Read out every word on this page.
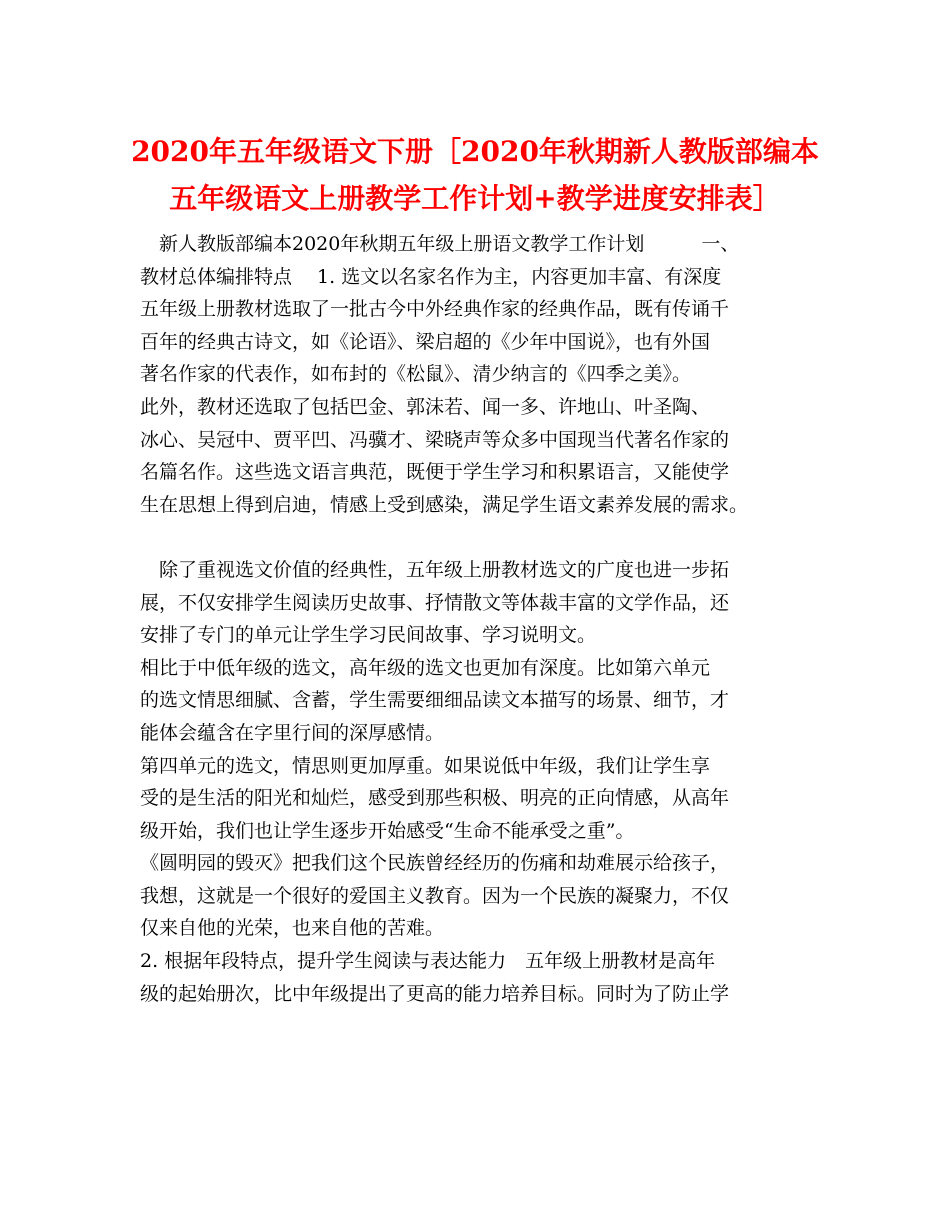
2020年五年级语文下册［2020年秋期新人教版部编本
五年级语文上册教学工作计划+教学进度安排表］

　新人教版部编本2020年秋期五年级上册语文教学工作计划　　　一、

教材总体编排特点　 1. 选文以名家名作为主，内容更加丰富、有深度

五年级上册教材选取了一批古今中外经典作家的经典作品，既有传诵千

百年的经典古诗文，如《论语》、梁启超的《少年中国说》，也有外国

著名作家的代表作，如布封的《松鼠》、清少纳言的《四季之美》。

此外，教材还选取了包括巴金、郭沫若、闻一多、许地山、叶圣陶、

冰心、吴冠中、贾平凹、冯骥才、梁晓声等众多中国现当代著名作家的

名篇名作。这些选文语言典范，既便于学生学习和积累语言，又能使学

生在思想上得到启迪，情感上受到感染，满足学生语文素养发展的需求。

　除了重视选文价值的经典性，五年级上册教材选文的广度也进一步拓

展，不仅安排学生阅读历史故事、抒情散文等体裁丰富的文学作品，还

安排了专门的单元让学生学习民间故事、学习说明文。

相比于中低年级的选文，高年级的选文也更加有深度。比如第六单元

的选文情思细腻、含蓄，学生需要细细品读文本描写的场景、细节，才

能体会蕴含在字里行间的深厚感情。

第四单元的选文，情思则更加厚重。如果说低中年级，我们让学生享

受的是生活的阳光和灿烂，感受到那些积极、明亮的正向情感，从高年

级开始，我们也让学生逐步开始感受“生命不能承受之重”。

《圆明园的毁灭》把我们这个民族曾经经历的伤痛和劫难展示给孩子，

我想，这就是一个很好的爱国主义教育。因为一个民族的凝聚力，不仅

仅来自他的光荣，也来自他的苦难。

2. 根据年段特点，提升学生阅读与表达能力　五年级上册教材是高年

级的起始册次，比中年级提出了更高的能力培养目标。同时为了防止学
